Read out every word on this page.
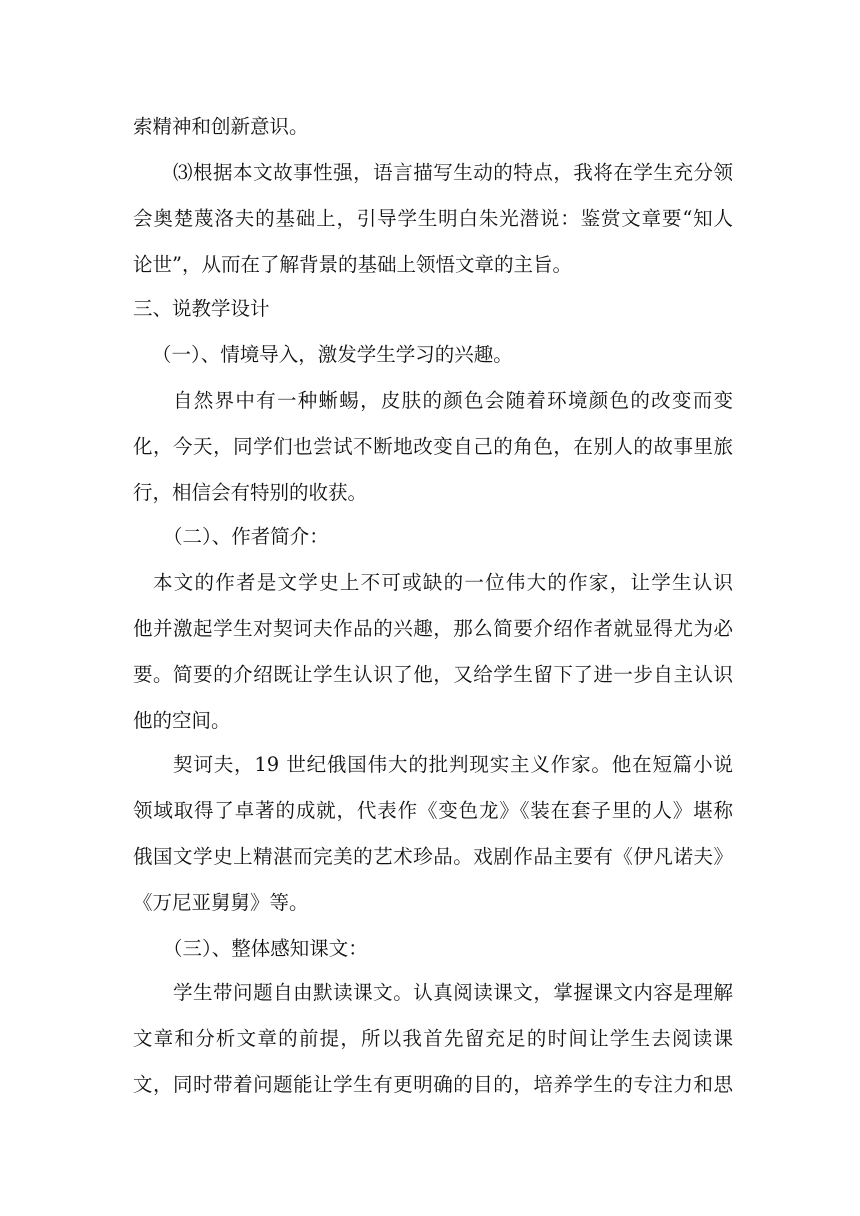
索精神和创新意识。
⑶根据本文故事性强，语言描写生动的特点，我将在学生充分领
会奥楚蔑洛夫的基础上，引导学生明白朱光潜说：鉴赏文章要“知人
论世”，从而在了解背景的基础上领悟文章的主旨。
三、说教学设计
（一）、情境导入，激发学生学习的兴趣。
自然界中有一种蜥蜴，皮肤的颜色会随着环境颜色的改变而变
化，今天，同学们也尝试不断地改变自己的角色，在别人的故事里旅
行，相信会有特别的收获。
（二）、作者简介：
本文的作者是文学史上不可或缺的一位伟大的作家，让学生认识
他并激起学生对契诃夫作品的兴趣，那么简要介绍作者就显得尤为必
要。简要的介绍既让学生认识了他，又给学生留下了进一步自主认识
他的空间。
契诃夫，19 世纪俄国伟大的批判现实主义作家。他在短篇小说
领域取得了卓著的成就，代表作《变色龙》《装在套子里的人》堪称
俄国文学史上精湛而完美的艺术珍品。戏剧作品主要有《伊凡诺夫》
《万尼亚舅舅》等。
（三）、整体感知课文：
学生带问题自由默读课文。认真阅读课文，掌握课文内容是理解
文章和分析文章的前提，所以我首先留充足的时间让学生去阅读课
文，同时带着问题能让学生有更明确的目的，培养学生的专注力和思
